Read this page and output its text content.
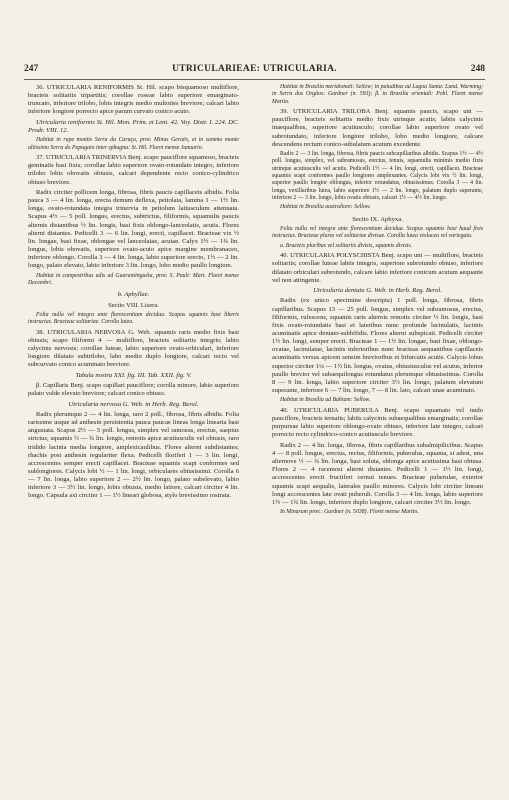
247	UTRICULARIEAE: UTRICULARIA.	248

36. UTRICULARIA RENIFORMIS St. Hil. scapo bisquamoso multiflore, bracteis solitariis tripartitis; corollae roseae labio superiore emarginato-truncato, inferiore trilobo, lobis integris medio multoties breviore; calcari labio inferiore longiore porrecto apice parum curvato conico acuto.

Utricularia reniformis St. Hil. Mon. Prim. et Lent. 42. Voy. Distr. I. 224. DC. Prodr. VIII. 12.

Habitat in rupe montis Serra da Caraça, prov. Minas Geraës, et in summo monte altissimo Serra do Papagaio inter sphagna: St. Hil. Floret mense Januario.

37. UTRICULARIA TRINERVIA Benj. scapo pauciflore squamoso, bracteis geminatis basi fixis; corollae labio superiore ovato-rotundato integro, inferiore trilobo lobis obovatis obtusis, calcari dependente recto conico-cylindrico obtuso breviore.

Radix circiter pollicem longa, fibrosa, fibris paucis capillaceis albidis. Folia pauca 3 — 4 lin. longa, erecta demum deflexa, petiolata, lamina 1 — 1½ lin. longa, ovato-rotundata integra trinervia in petiolum latiusculum attenuata. Scapus 4½ — 5 poll. longus, erectus, subtrictus, filiformis, squamulis paucis alternis distantibus ½ lin. longis, basi fixis oblongo-lanceolatis, acutis. Flores alterni distantes. Pedicelli 3 — 6 lin. longi, erecti, capillacei. Bracteae vix ½ lin. longae, basi fixae, oblongae vel lanceolatae, acutae. Calyx 1½ — 1¾ lin. longus, lobis obovatis, superiore ovato-acuto apice margine membranaceo, inferiore oblongo. Corolla 3 — 4 lin. longa, labio superiore erecto, 1½ — 2 lin. longo, palato elevato, labio inferiore 3 lin. longo, lobo medio paullo longiore.

Habitat in campestribus udis ad Guarantinguéta, prov. S. Pauli: Mart. Floret mense Decembri.

b. Aphyllae.

Sectio VIII. Lisera.

Folia nulla vel integra ante florescentiam decidua. Scapus squamis basi liberis instructus. Bracteae solitariae. Corolla lutea.

38. UTRICULARIA NERVOSA G. Web. squamis raris medio fixis basi obtusis; scapo filiformi 4 — multiflore, bracteis solitariis integris; labio calycinis nervosis; corollae luteae, labio superiore ovato-orbiculari, inferiore longiore dilatato subtrilobo, labo medio duplo longiore, calcari recto vel subcurvato conico acuminato breviore.

Tabula nostra XXI. fig. III. Tab. XXII. fig. V.

β. Capillaris Benj. scapo capillari pauciflore; corolla minore, labio superiore palato valde elevato breviore; calcari conico obtuso.

Utricularia nervosa G. Web. in Herb. Reg. Berol.

Radix plerumque 2 — 4 lin. longa, raro 2 poll., fibrosa, fibris albidis. Folia rarissime usque ad anthesin persistentia pauca paucae lineas longa linearia basi angustata. Scapus 2½ — 5 poll. longus, simplex vel ramosus, erectus, saepius strictus, squamis ½ — ¾ lin. longis, remotis apice acutiusculis vel obtusis, raro tridido lacinia media longiore, amplexicaulibus. Flores alterni subdistantes; rhachis post anthesin regulariter flexa. Pedicelli floriferi 1 — 3 lin. longi, accrescentes semper erecti capillacei. Bracteae squamis scapi conformes sed sublongiores. Calycis lobi ½ — 1 lin. longi, orbiculares obtusissimi. Corolla 6 — 7 lin. longa, labio superiore 2 — 2½ lin. longo, palato subelevato, labio inferiore 3 — 3½ lin. longo, lobis obtusis, medio latiore, calcari circiter 4 lin. longo. Capsula axi circiter 1 — 1½ lineari globosa, stylo brevissimo rostrata.

Habitat in Brasilia meridionali: Sellow; in paludibus ad Lagoa Santa: Lund. Warming; in Serra dos Orgãos: Gardner (n. 593); β. in Brasilia orientali: Pohl. Floret mense Martio.

39. UTRICULARIA TRILOBA Benj. squamis paucis, scapo uni — pauciflore, bracteis solitariis medio fixis utrinque acutis; labiis calycinis inaequalibus, superiore acutiusculo; corollae labio superiore ovato vel subrotundato, inferiore longiore trilobo, lobo medio longiore, calcare descendens rectum conico-subulatum acutum excedente.

Radix 2 — 3 lin. longa, fibrosa, fibris paucis subcapillaribus albidis. Scapus 1½ — 4½ poll. longus, simplex, vel subramosus, erectus, tenuis, squamulis minimis medio fixis utrinque acutiusculis vel acutis. Pedicelli 1½ — 4 lin. longi, erecti, capillacei. Bracteae squamis scapi conformes paullo longiores amplexantes. Calycis lobi vix ½ lin. longi, superior paullo longior oblongus, inferior rotundatus, obtusissimus. Corolla 3 — 4 lin. longa, vexillaribus lutea, labio superiore 1½ — 2 lin. longo, palatum duplo superante, inferiore 2 — 3 lin. longo, lobis ovatis obtusis, calcari 1½ — 4½ lin. longo.

Habitat in Brasilia australiore: Sellow.

Sectio IX. Aphyxa.

Folia nulla vel integra ante florescentiam decidua. Scapus squamis basi haud fixis instructus. Bracteae plures vel solitariae divisae. Corolla lutea violacea vel variegata.

a. Bracteis pluribus vel solitariis divisis, squamis divisis.

40. UTRICULARIA POLYSCHISTA Benj. scapo uni — multiflore, bracteis solitariis; corollae luteae labiis integris, superiore subrotundo obtuso, inferiore dilatato orbiculari subrotundo, calcare labio inferiore conicum acutum aequante vel non attingente.

Utricularia dentata G. Web. in Herb. Reg. Berol.

Radix (ex unico specimine descripta) 1 poll. longa, fibrosa, fibris capillaribus. Scapus 13 — 25 poll. longus, simplex vel subramosus, erectus, filiformis, rufescens, squamis raris alternis remotis circiter ½ lin. longis, basi fixis ovato-rotundatis basi et lateribus nunc profunde lacinulatis, laciniis acuminatis apice dentato-subbifidis. Flores alterni subspicati. Pedicelli circiter 1½ lin. longi, semper erecti. Bracteae 1 — 1½ lin. longae, basi fixae, oblongo-ovatae, lacinulatae, laciniis inferioribus nunc bracteas aequantibus capillaceis acuminatis versus apicem sensim brevioribus et bifurcatis acutis. Calycis lobus superior circiter 1¼ — 1½ lin. longus, ovatus, obtusiusculus vel acutus, inferior paullo brevior vel subaequilongus rotundatus plerumque obtusissimus. Corolla 8 — 9 lin. longa, labio superiore circiter 3½ lin. longo, palatum elevatum superante, inferiore 6 — 7 lin. longo, 7 — 8 lin. lato, calcari unae acuminato.

Habitat in Brasilia ad Bahiam: Sellow.

40. UTRICULARIA PUBERULA Benj. scapo squamato vel nudo pauciflore, bracteis ternatis; labiis calycinis subaequalibus emarginatis; corollae purpureae labio superiore oblongo-ovato obtuso, inferiore late integro, calcari porrecto recto cylindrico-conico acutiusculo breviore.

Radix 2 — 4 lin. longa, fibrosa, fibris capillaribus subalmipilicibus. Scapus 4 — 8 poll. longus, erectus, rectus, filiformis, puberulus, squama, si adest, una alternove ½ — ¾ lin. longa, basi soluta, oblonga apice acutissima basi obtusa. Flores 2 — 4 racemosi alterni distantes. Pedicelli 1 — 1½ lin. longi, accrescentes erecti fructiferi cernui tenues. Bracteae puberulae, exterior squamis scapi aequalis, laterales paullo minores. Calycis lobi circiter lineam longi accrescentes late ovati puberuli. Corolla 3 — 4 lin. longa, labio superiore 1½ — 1¾ lin. longo, inferiore duplo longiore, calcari circiter 3½ lin. longo.

In Minarum prov.: Gardner (n. 5038). Floret mense Martio.
